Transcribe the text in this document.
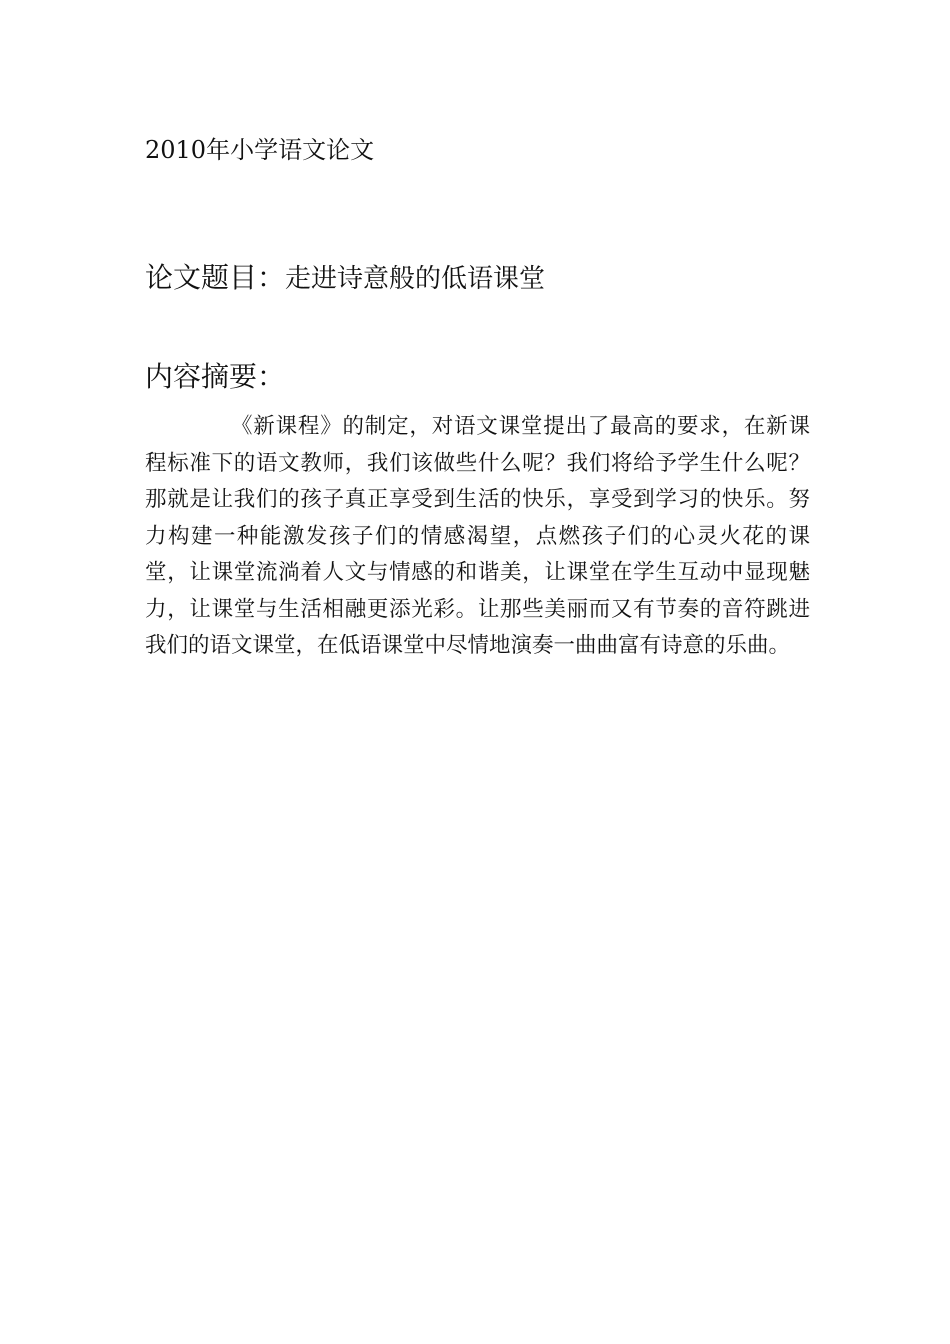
2010年小学语文论文
论文题目：走进诗意般的低语课堂
内容摘要：

《新课程》的制定，对语文课堂提出了最高的要求，在新课程标准下的语文教师，我们该做些什么呢？我们将给予学生什么呢？那就是让我们的孩子真正享受到生活的快乐，享受到学习的快乐。努力构建一种能激发孩子们的情感渴望，点燃孩子们的心灵火花的课堂，让课堂流淌着人文与情感的和谐美，让课堂在学生互动中显现魅力，让课堂与生活相融更添光彩。让那些美丽而又有节奏的音符跳进我们的语文课堂，在低语课堂中尽情地演奏一曲曲富有诗意的乐曲。
